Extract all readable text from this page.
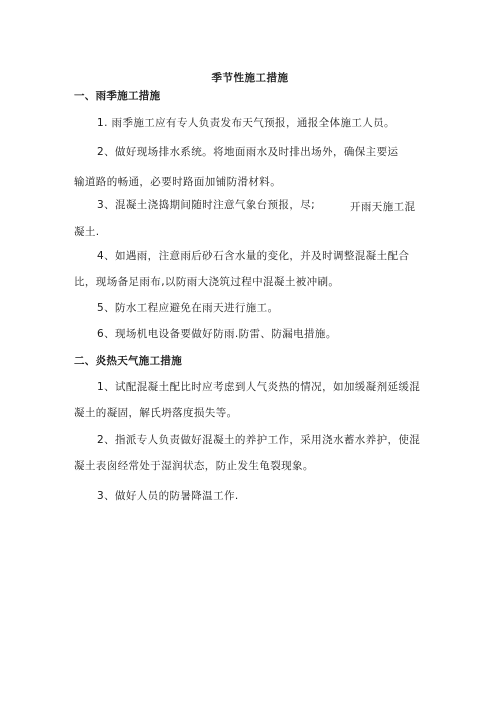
季节性施工措施
一、雨季施工措施
1. 雨季施工应有专人负责发布天气预报，通报全体施工人员。
2、做好现场排水系统。将地面雨水及时排出场外，确保主要运
输道路的畅通，必要时路面加铺防滑材料。
3、混凝土浇捣期间随时注意气象台预报，尽;	开雨天施工混
凝土.
4、如遇雨，注意雨后砂石含水量的变化，并及时调整混凝土配合
比，现场备足雨布,以防雨大浇筑过程中混凝土被冲刷。
5、防水工程应避免在雨天进行施工。
6、现场机电设备要做好防雨.防雷、防漏电措施。
二、炎热天气施工措施
1、试配混凝土配比时应考虑到人气炎热的情况，如加缓凝剂延缓混
凝土的凝固，解氏坍落度损失等。
2、指派专人负责做好混凝土的养护工作，采用浇水蓄水养护，使混
凝土表囱经常处于湿润状态，防止发生龟裂现象。
3、做好人员的防暑降温工作.
